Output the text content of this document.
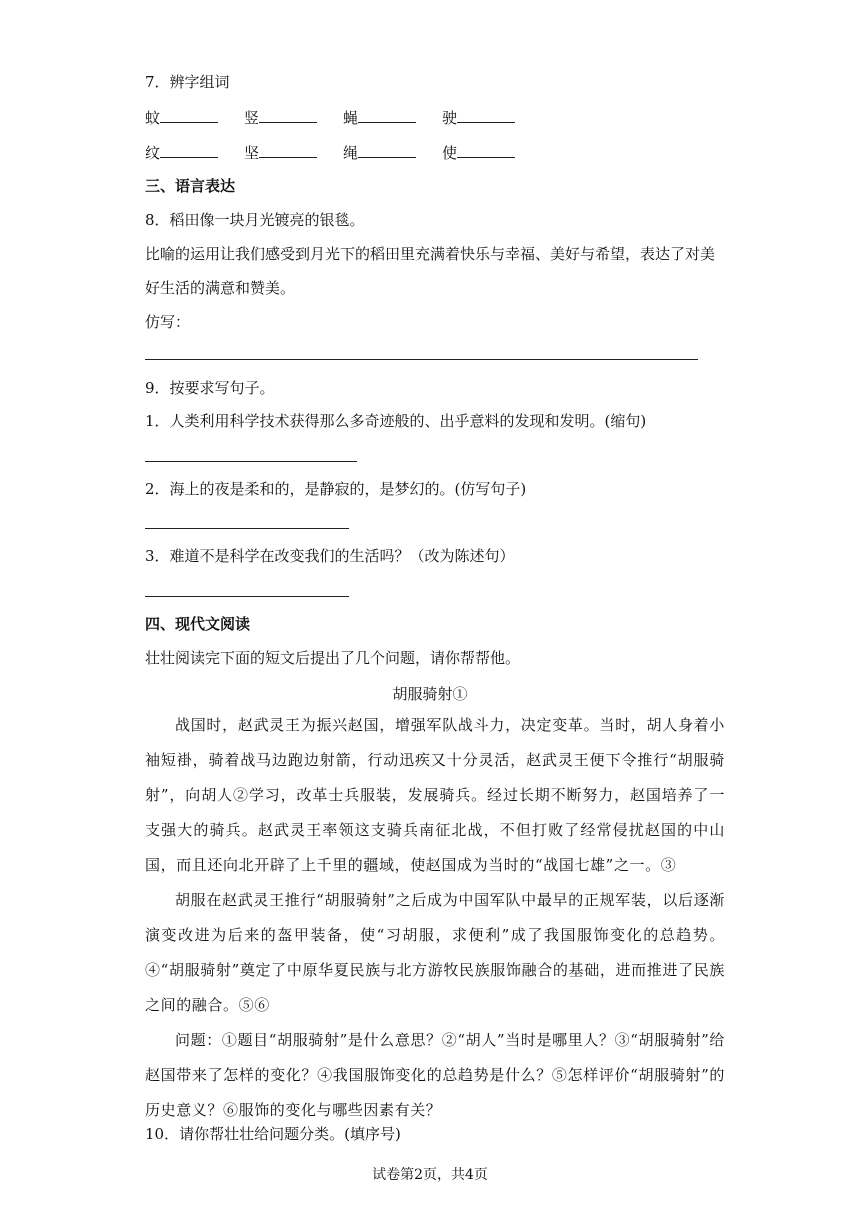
7．辨字组词
蚊	竖	蝇	驶
纹	坚	绳	使
三、语言表达
8．稻田像一块月光镀亮的银毯。
比喻的运用让我们感受到月光下的稻田里充满着快乐与幸福、美好与希望，表达了对美
好生活的满意和赞美。
仿写：
9．按要求写句子。
1．人类利用科学技术获得那么多奇迹般的、出乎意料的发现和发明。(缩句)
2．海上的夜是柔和的，是静寂的，是梦幻的。(仿写句子)
3．难道不是科学在改变我们的生活吗？（改为陈述句）
四、现代文阅读
壮壮阅读完下面的短文后提出了几个问题，请你帮帮他。
胡服骑射①

战国时，赵武灵王为振兴赵国，增强军队战斗力，决定变革。当时，胡人身着小袖短褂，骑着战马边跑边射箭，行动迅疾又十分灵活，赵武灵王便下令推行“胡服骑射”，向胡人②学习，改革士兵服装，发展骑兵。经过长期不断努力，赵国培养了一支强大的骑兵。赵武灵王率领这支骑兵南征北战，不但打败了经常侵扰赵国的中山国，而且还向北开辟了上千里的疆域，使赵国成为当时的“战国七雄”之一。③

胡服在赵武灵王推行“胡服骑射”之后成为中国军队中最早的正规军装，以后逐渐演变改进为后来的盔甲装备，使“习胡服，求便利”成了我国服饰变化的总趋势。④“胡服骑射”奠定了中原华夏民族与北方游牧民族服饰融合的基础，进而推进了民族之间的融合。⑤⑥

问题：①题目“胡服骑射”是什么意思？②“胡人”当时是哪里人？③“胡服骑射”给赵国带来了怎样的变化？④我国服饰变化的总趋势是什么？⑤怎样评价“胡服骑射”的历史意义？⑥服饰的变化与哪些因素有关？

10．请你帮壮壮给问题分类。(填序号)
试卷第2页，共4页
